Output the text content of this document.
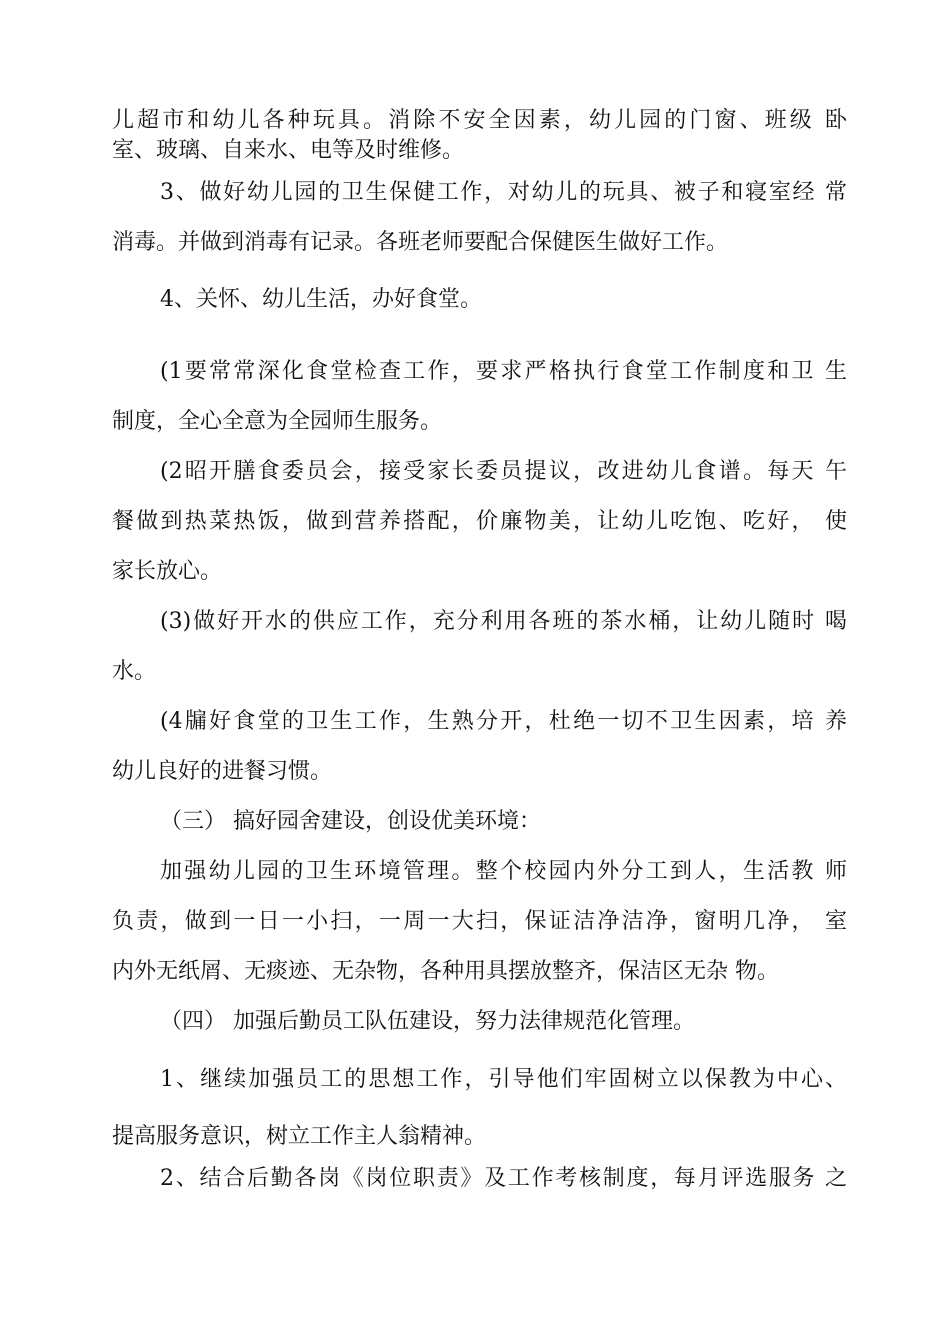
儿超市和幼儿各种玩具。消除不安全因素，幼儿园的门窗、班级 卧
室、玻璃、自来水、电等及时维修。
3、做好幼儿园的卫生保健工作，对幼儿的玩具、被子和寝室经 常
消毒。并做到消毒有记录。各班老师要配合保健医生做好工作。
4、关怀、幼儿生活，办好食堂。
(1要常常深化食堂检查工作，要求严格执行食堂工作制度和卫 生
制度，全心全意为全园师生服务。
(2昭开膳食委员会，接受家长委员提议，改进幼儿食谱。每天 午
餐做到热菜热饭，做到营养搭配，价廉物美，让幼儿吃饱、吃好， 使
家长放心。
(3)做好开水的供应工作，充分利用各班的茶水桶，让幼儿随时 喝
水。
(4牖好食堂的卫生工作，生熟分开，杜绝一切不卫生因素，培 养
幼儿良好的进餐习惯。
（三） 搞好园舍建设，创设优美环境：
加强幼儿园的卫生环境管理。整个校园内外分工到人，生活教 师
负责，做到一日一小扫，一周一大扫，保证洁净洁净，窗明几净， 室
内外无纸屑、无痰迹、无杂物，各种用具摆放整齐，保洁区无杂 物。
（四） 加强后勤员工队伍建设，努力法律规范化管理。
1、继续加强员工的思想工作，引导他们牢固树立以保教为中心、
提高服务意识，树立工作主人翁精神。
2、结合后勤各岗《岗位职责》及工作考核制度，每月评选服务 之
